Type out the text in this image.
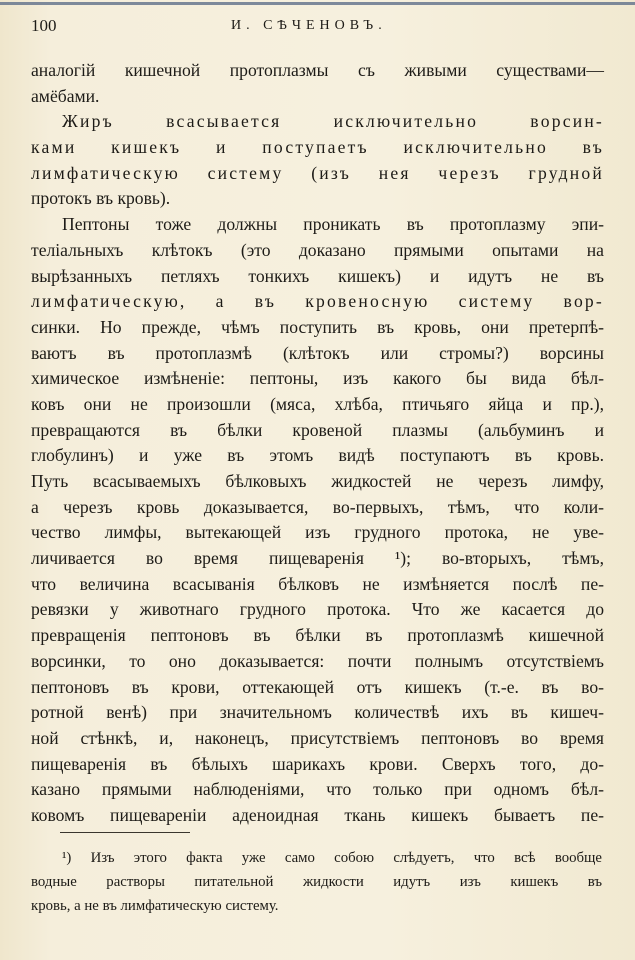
100	И. СѢЧЕНОВЪ.
аналогій кишечной протоплазмы съ живыми существами—
амёбами.
Жиръ всасывается исключительно ворсин-
ками кишекъ и поступаетъ исключительно въ
лимфатическую систему (изъ нея черезъ грудной
протокъ въ кровь).
Пептоны тоже должны проникать въ протоплазму эпи-
теліальныхъ клѣтокъ (это доказано прямыми опытами на
вырѣзанныхъ петляхъ тонкихъ кишекъ) и идутъ не въ
лимфатическую, а въ кровеносную систему вор-
синки. Но прежде, чѣмъ поступить въ кровь, они претерпѣ-
ваютъ въ протоплазмѣ (клѣтокъ или стромы?) ворсины
химическое измѣненіе: пептоны, изъ какого бы вида бѣл-
ковъ они не произошли (мяса, хлѣба, птичьяго яйца и пр.),
превращаются въ бѣлки кровеной плазмы (альбуминъ и
глобулинъ) и уже въ этомъ видѣ поступаютъ въ кровь.
Путь всасываемыхъ бѣлковыхъ жидкостей не черезъ лимфу,
а черезъ кровь доказывается, во-первыхъ, тѣмъ, что коли-
чество лимфы, вытекающей изъ грудного протока, не уве-
личивается во время пищеваренія ¹); во-вторыхъ, тѣмъ,
что величина всасыванія бѣлковъ не измѣняется послѣ пе-
ревязки у животнаго грудного протока. Что же касается до
превращенія пептоновъ въ бѣлки въ протоплазмѣ кишечной
ворсинки, то оно доказывается: почти полнымъ отсутствіемъ
пептоновъ въ крови, оттекающей отъ кишекъ (т.-е. въ во-
ротной венѣ) при значительномъ количествѣ ихъ въ кишеч-
ной стѣнкѣ, и, наконецъ, присутствіемъ пептоновъ во время
пищеваренія въ бѣлыхъ шарикахъ крови. Сверхъ того, до-
казано прямыми наблюденіями, что только при одномъ бѣл-
ковомъ пищевареніи аденоидная ткань кишекъ бываетъ пе-
¹) Изъ этого факта уже само собою слѣдуетъ, что всѣ вообще
водные растворы питательной жидкости идутъ изъ кишекъ въ
кровь, а не въ лимфатическую систему.
